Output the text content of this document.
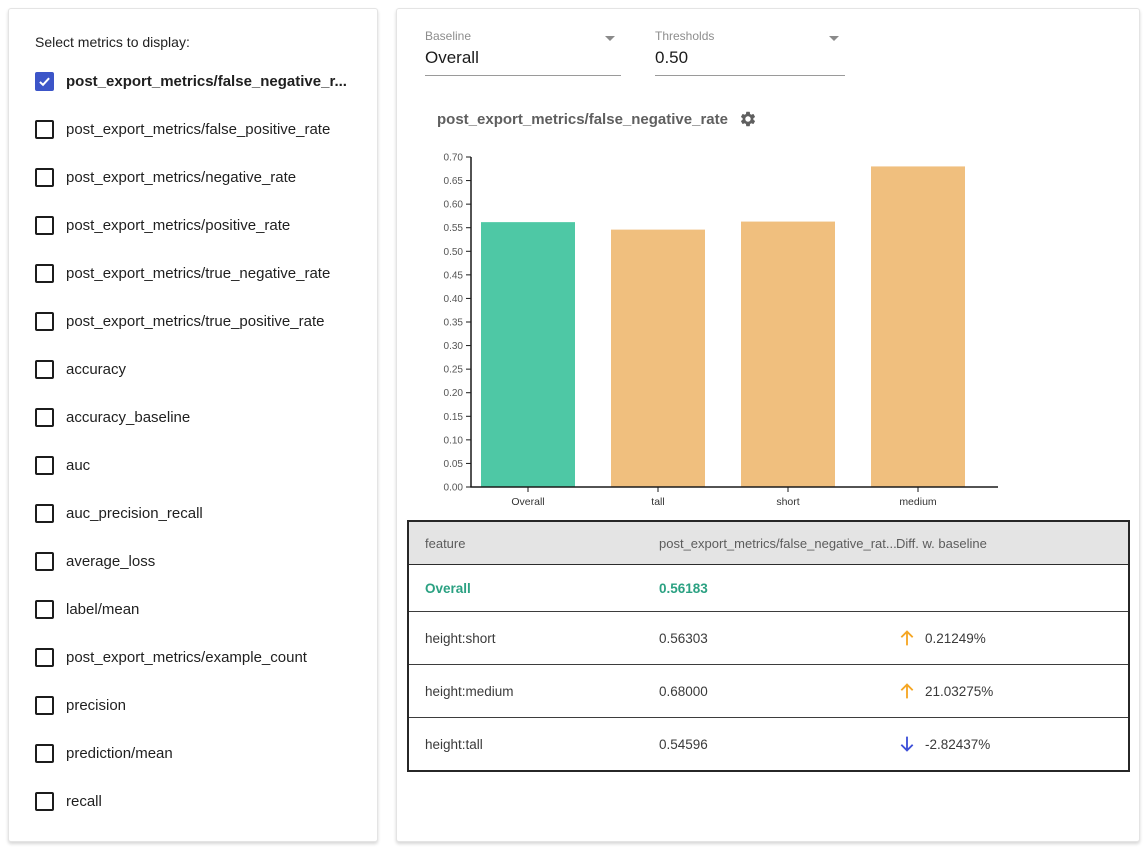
Select metrics to display:
post_export_metrics/false_negative_r...
post_export_metrics/false_positive_rate
post_export_metrics/negative_rate
post_export_metrics/positive_rate
post_export_metrics/true_negative_rate
post_export_metrics/true_positive_rate
accuracy
accuracy_baseline
auc
auc_precision_recall
average_loss
label/mean
post_export_metrics/example_count
precision
prediction/mean
recall
Baseline
Overall
Thresholds
0.50
post_export_metrics/false_negative_rate
0.00
0.05
0.10
0.15
0.20
0.25
0.30
0.35
0.40
0.45
0.50
0.55
0.60
0.65
0.70
Overall	tall	short	medium
feature	post_export_metrics/false_negative_rat... Diff. w. baseline
Overall	0.56183
height:short	0.56303	0.21249%
height:medium	0.68000	21.03275%
height:tall	0.54596	-2.82437%
